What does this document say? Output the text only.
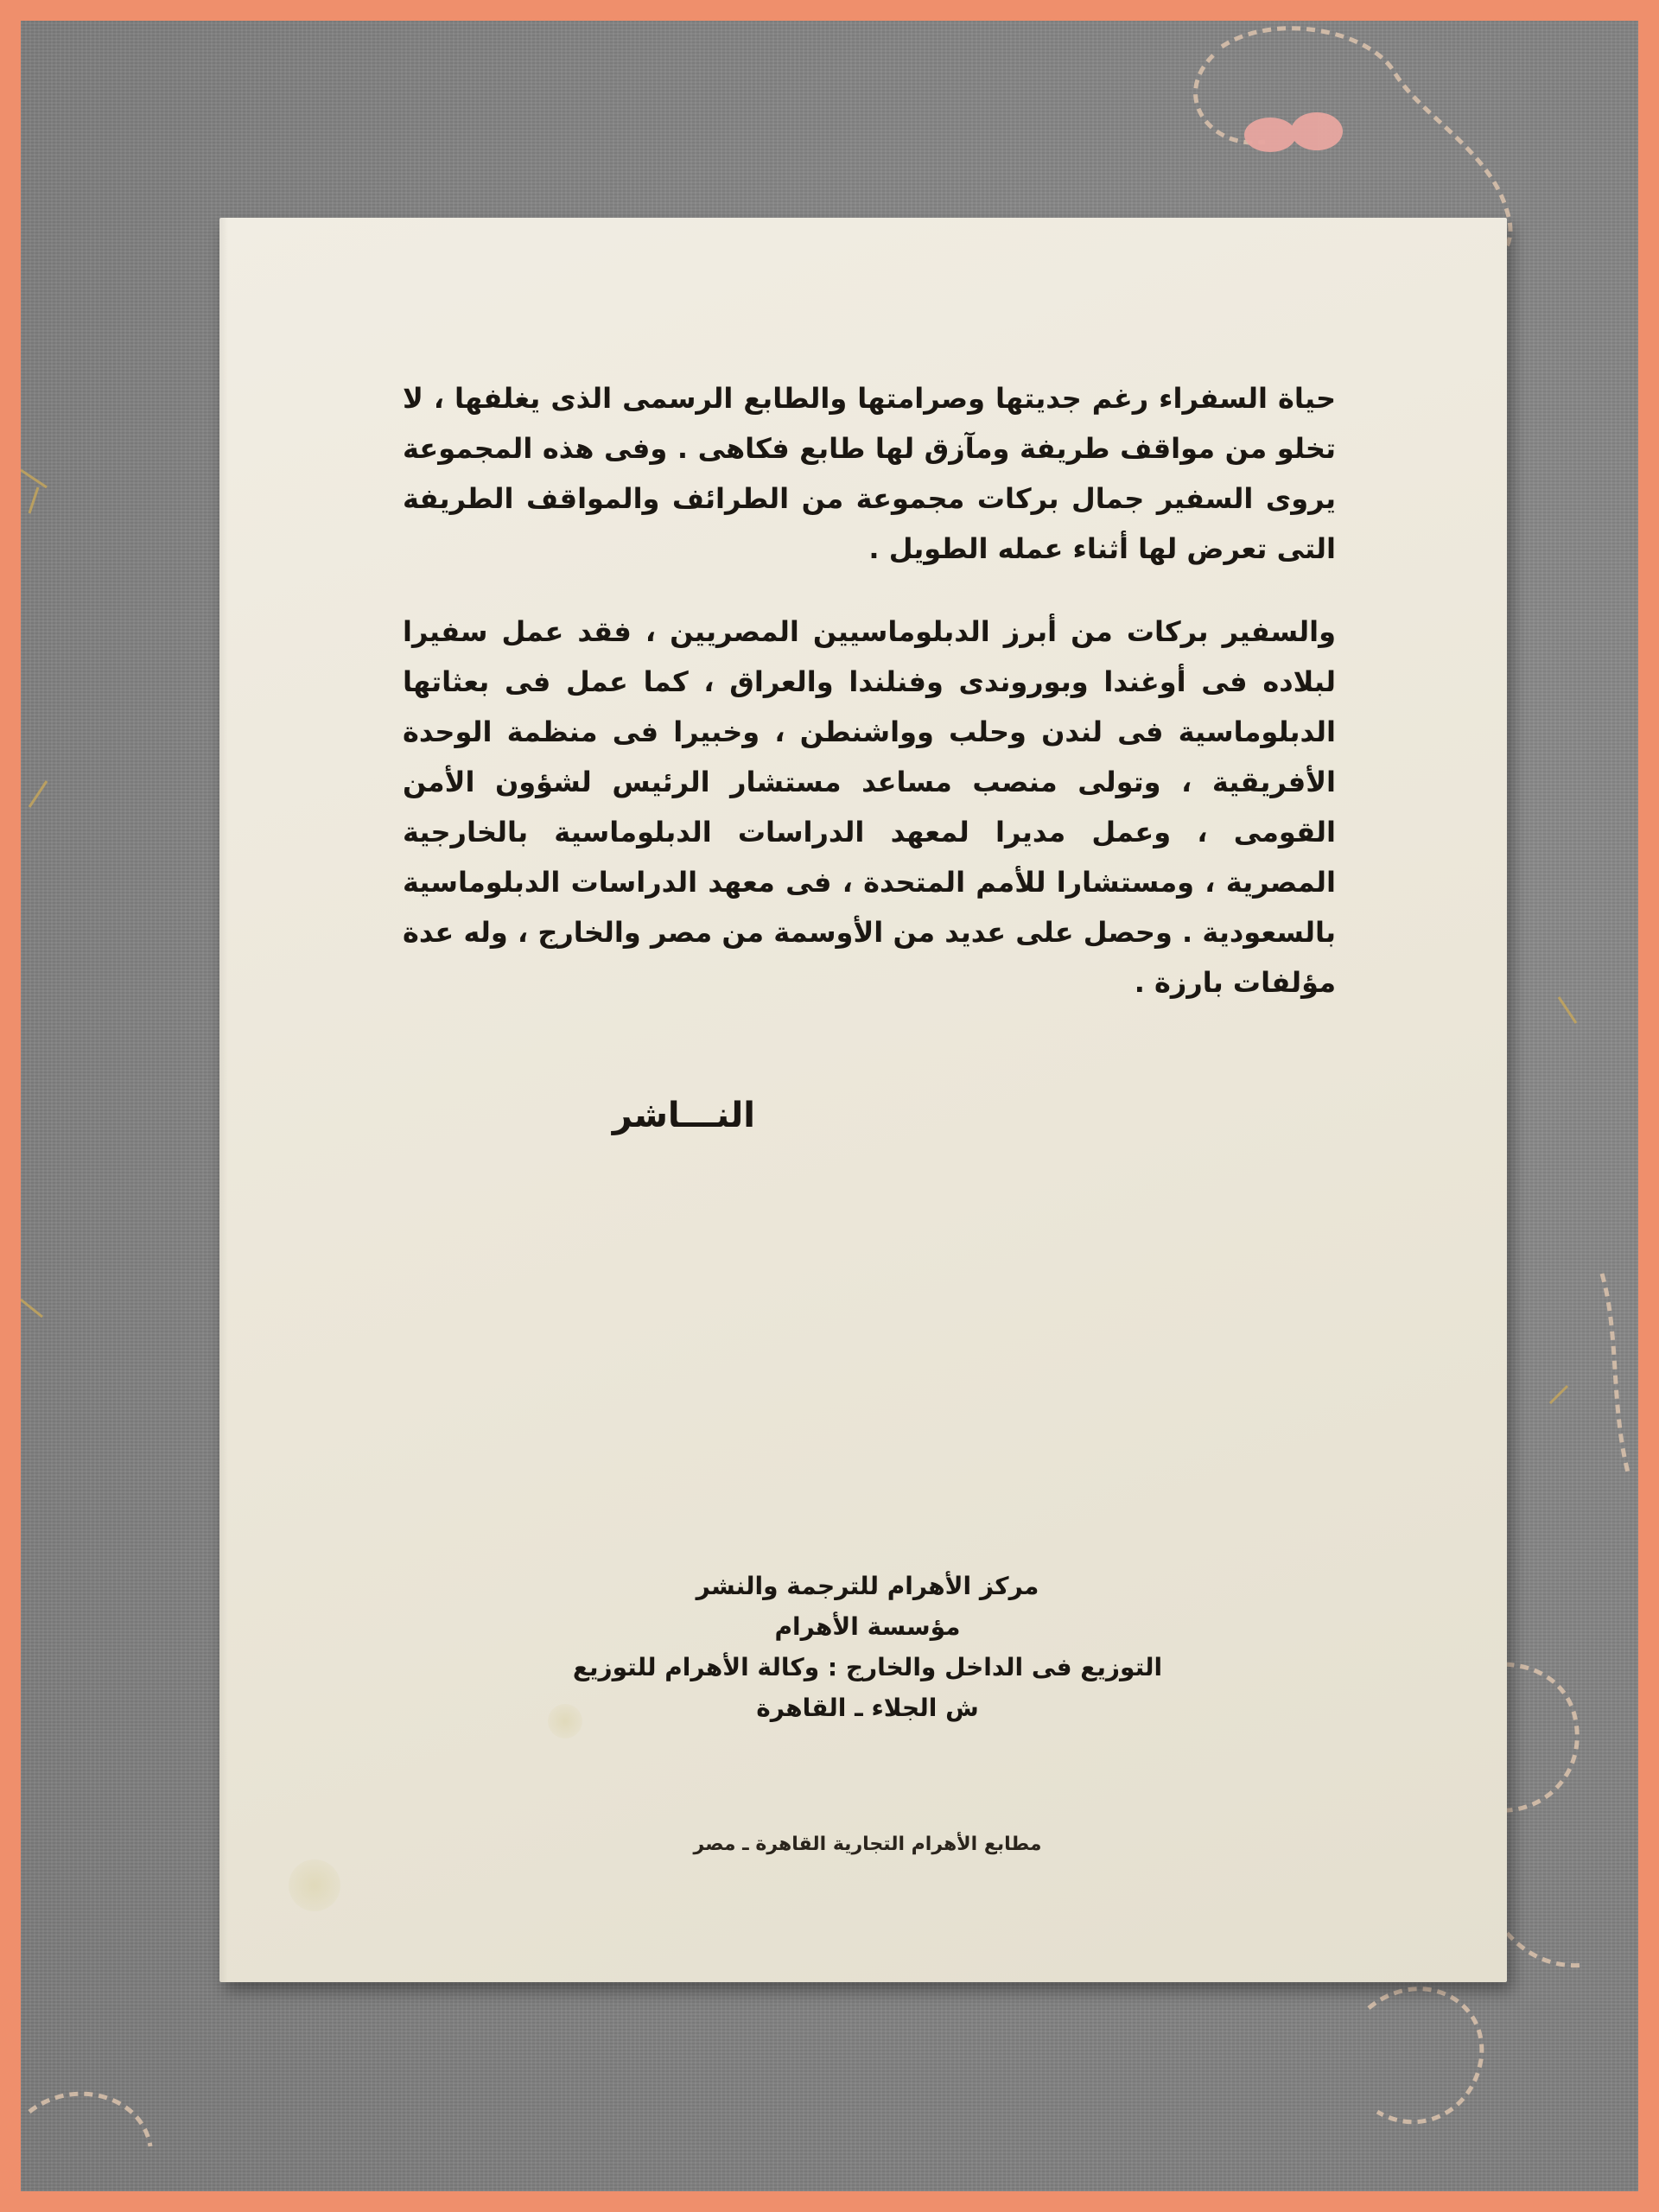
حياة السفراء رغم جديتها وصرامتها والطابع الرسمى الذى يغلفها ، لا تخلو من مواقف طريفة ومآزق لها طابع فكاهى . وفى هذه المجموعة يروى السفير جمال بركات مجموعة من الطرائف والمواقف الطريفة التى تعرض لها أثناء عمله الطويل .

والسفير بركات من أبرز الدبلوماسيين المصريين ، فقد عمل سفيرا لبلاده فى أوغندا وبوروندى وفنلندا والعراق ، كما عمل فى بعثاتها الدبلوماسية فى لندن وحلب وواشنطن ، وخبيرا فى منظمة الوحدة الأفريقية ، وتولى منصب مساعد مستشار الرئيس لشؤون الأمن القومى ، وعمل مديرا لمعهد الدراسات الدبلوماسية بالخارجية المصرية ، ومستشارا للأمم المتحدة ، فى معهد الدراسات الدبلوماسية بالسعودية . وحصل على عديد من الأوسمة من مصر والخارج ، وله عدة مؤلفات بارزة .

النـــاشر
مركز الأهرام للترجمة والنشر
مؤسسة الأهرام
التوزيع فى الداخل والخارج : وكالة الأهرام للتوزيع
ش الجلاء ـ القاهرة
مطابع الأهرام التجارية القاهرة ـ مصر
